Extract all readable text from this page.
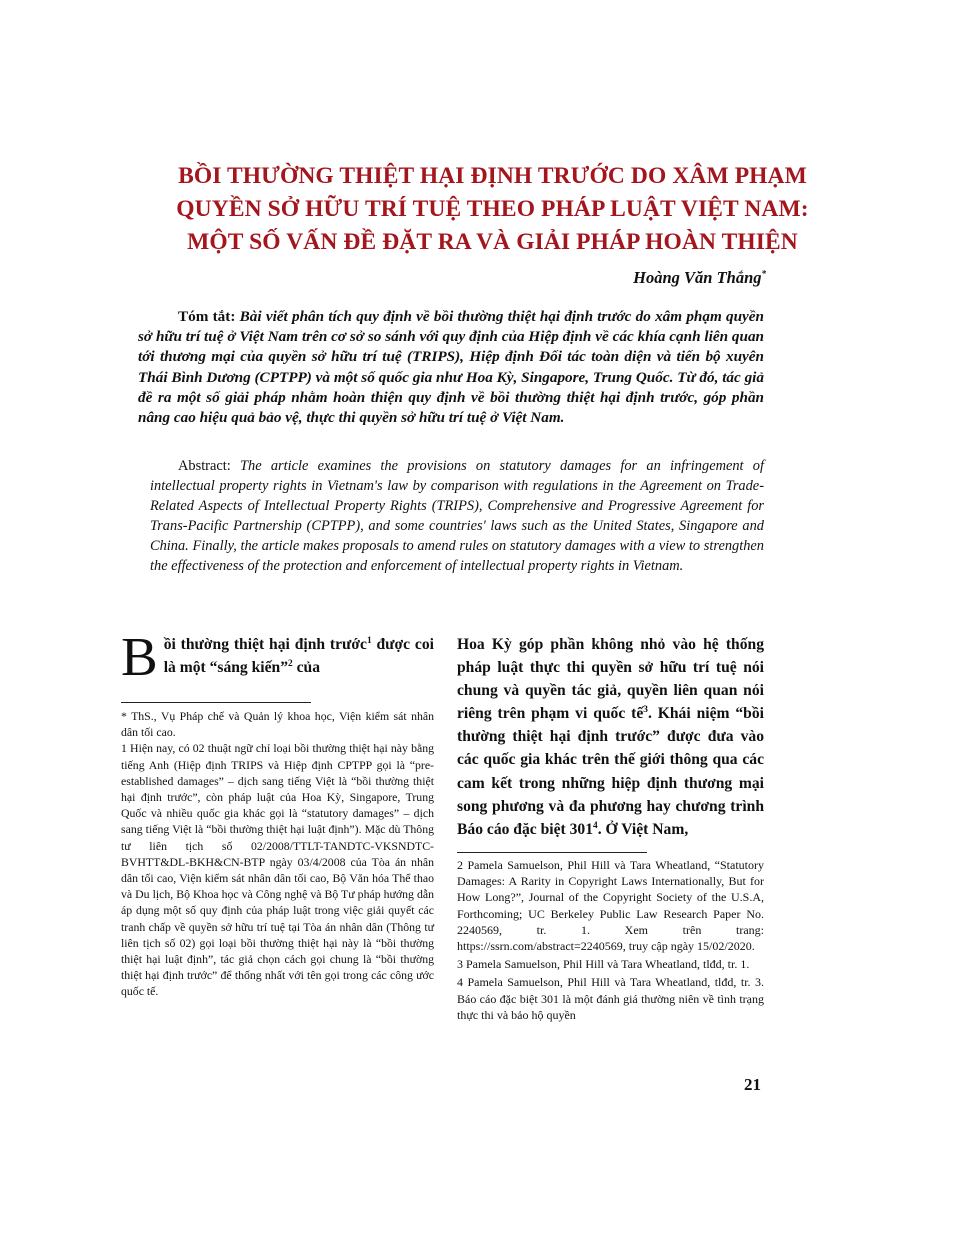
BỒI THƯỜNG THIỆT HẠI ĐỊNH TRƯỚC DO XÂM PHẠM
QUYỀN SỞ HỮU TRÍ TUỆ THEO PHÁP LUẬT VIỆT NAM:
MỘT SỐ VẤN ĐỀ ĐẶT RA VÀ GIẢI PHÁP HOÀN THIỆN
Hoàng Văn Thắng*
Tóm tắt: Bài viết phân tích quy định về bồi thường thiệt hại định trước do xâm phạm quyền sở hữu trí tuệ ở Việt Nam trên cơ sở so sánh với quy định của Hiệp định về các khía cạnh liên quan tới thương mại của quyền sở hữu trí tuệ (TRIPS), Hiệp định Đối tác toàn diện và tiến bộ xuyên Thái Bình Dương (CPTPP) và một số quốc gia như Hoa Kỳ, Singapore, Trung Quốc. Từ đó, tác giả đề ra một số giải pháp nhằm hoàn thiện quy định về bồi thường thiệt hại định trước, góp phần nâng cao hiệu quả bảo vệ, thực thi quyền sở hữu trí tuệ ở Việt Nam.
Abstract: The article examines the provisions on statutory damages for an infringement of intellectual property rights in Vietnam's law by comparison with regulations in the Agreement on Trade-Related Aspects of Intellectual Property Rights (TRIPS), Comprehensive and Progressive Agreement for Trans-Pacific Partnership (CPTPP), and some countries' laws such as the United States, Singapore and China. Finally, the article makes proposals to amend rules on statutory damages with a view to strengthen the effectiveness of the protection and enforcement of intellectual property rights in Vietnam.
Bồi thường thiệt hại định trước$^1$ được coi là một “sáng kiến”$^2$ của

* ThS., Vụ Pháp chế và Quản lý khoa học, Viện kiểm sát nhân dân tối cao.

1 Hiện nay, có 02 thuật ngữ chỉ loại bồi thường thiệt hại này bằng tiếng Anh (Hiệp định TRIPS và Hiệp định CPTPP gọi là “pre-established damages” – dịch sang tiếng Việt là “bồi thường thiệt hại định trước”, còn pháp luật của Hoa Kỳ, Singapore, Trung Quốc và nhiều quốc gia khác gọi là “statutory damages” – dịch sang tiếng Việt là “bồi thường thiệt hại luật định”). Mặc dù Thông tư liên tịch số 02/2008/TTLT-TANDTC-VKSNDTC-BVHTT&DL-BKH&CN-BTP ngày 03/4/2008 của Tòa án nhân dân tối cao, Viện kiểm sát nhân dân tối cao, Bộ Văn hóa Thể thao và Du lịch, Bộ Khoa học và Công nghệ và Bộ Tư pháp hướng dẫn áp dụng một số quy định của pháp luật trong việc giải quyết các tranh chấp về quyền sở hữu trí tuệ tại Tòa án nhân dân (Thông tư liên tịch số 02) gọi loại bồi thường thiệt hại này là “bồi thường thiệt hại luật định”, tác giả chọn cách gọi chung là “bồi thường thiệt hại định trước” để thống nhất với tên gọi trong các công ước quốc tế.

Hoa Kỳ góp phần không nhỏ vào hệ thống pháp luật thực thi quyền sở hữu trí tuệ nói chung và quyền tác giả, quyền liên quan nói riêng trên phạm vi quốc tế$^3$. Khái niệm “bồi thường thiệt hại định trước” được đưa vào các quốc gia khác trên thế giới thông qua các cam kết trong những hiệp định thương mại song phương và đa phương hay chương trình Báo cáo đặc biệt $301^4$. Ở Việt Nam,

2 Pamela Samuelson, Phil Hill và Tara Wheatland, “Statutory Damages: A Rarity in Copyright Laws Internationally, But for How Long?”, Journal of the Copyright Society of the U.S.A, Forthcoming; UC Berkeley Public Law Research Paper No. 2240569, tr. 1. Xem trên trang: https://ssrn.com/abstract=2240569, truy cập ngày 15/02/2020.

3 Pamela Samuelson, Phil Hill và Tara Wheatland, tlđd, tr. 1.

4 Pamela Samuelson, Phil Hill và Tara Wheatland, tlđd, tr. 3. Báo cáo đặc biệt 301 là một đánh giá thường niên về tình trạng thực thi và bảo hộ quyền

21
